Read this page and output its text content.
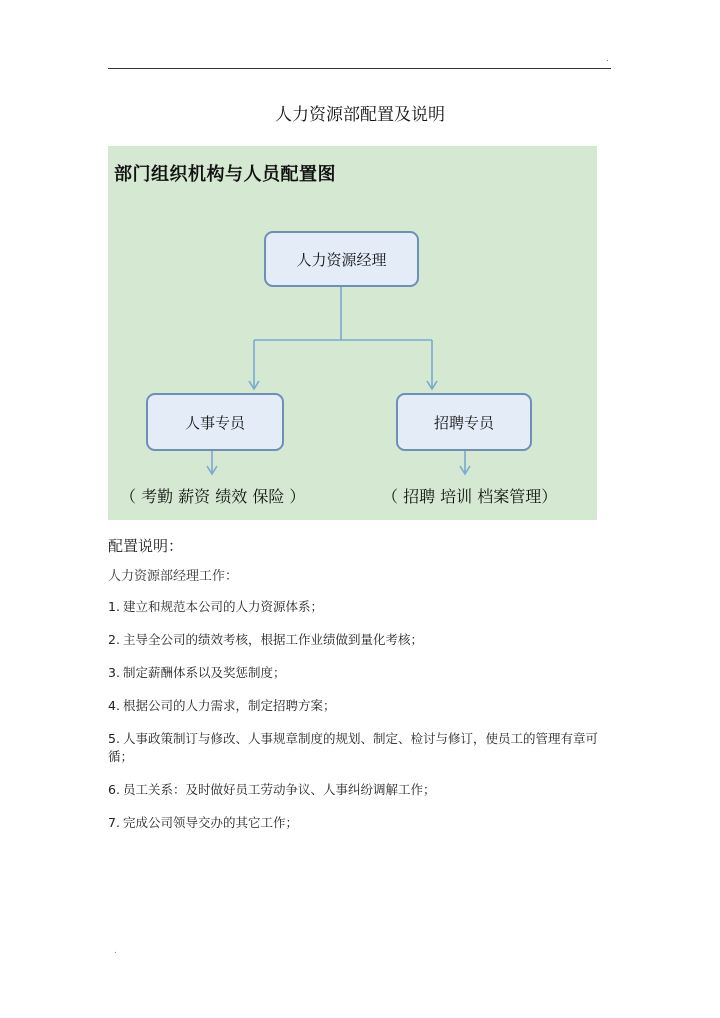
.
人力资源部配置及说明
部门组织机构与人员配置图
人力资源经理
人事专员	招聘专员
（ 考勤 薪资 绩效 保险 ）	（ 招聘 培训 档案管理）
配置说明：
人力资源部经理工作：
1. 建立和规范本公司的人力资源体系；
2. 主导全公司的绩效考核，根据工作业绩做到量化考核；
3. 制定薪酬体系以及奖惩制度；
4. 根据公司的人力需求，制定招聘方案；
5. 人事政策制订与修改、人事规章制度的规划、制定、检讨与修订，使员工的管理有章可循；
6. 员工关系：及时做好员工劳动争议、人事纠纷调解工作；
7. 完成公司领导交办的其它工作；
.
